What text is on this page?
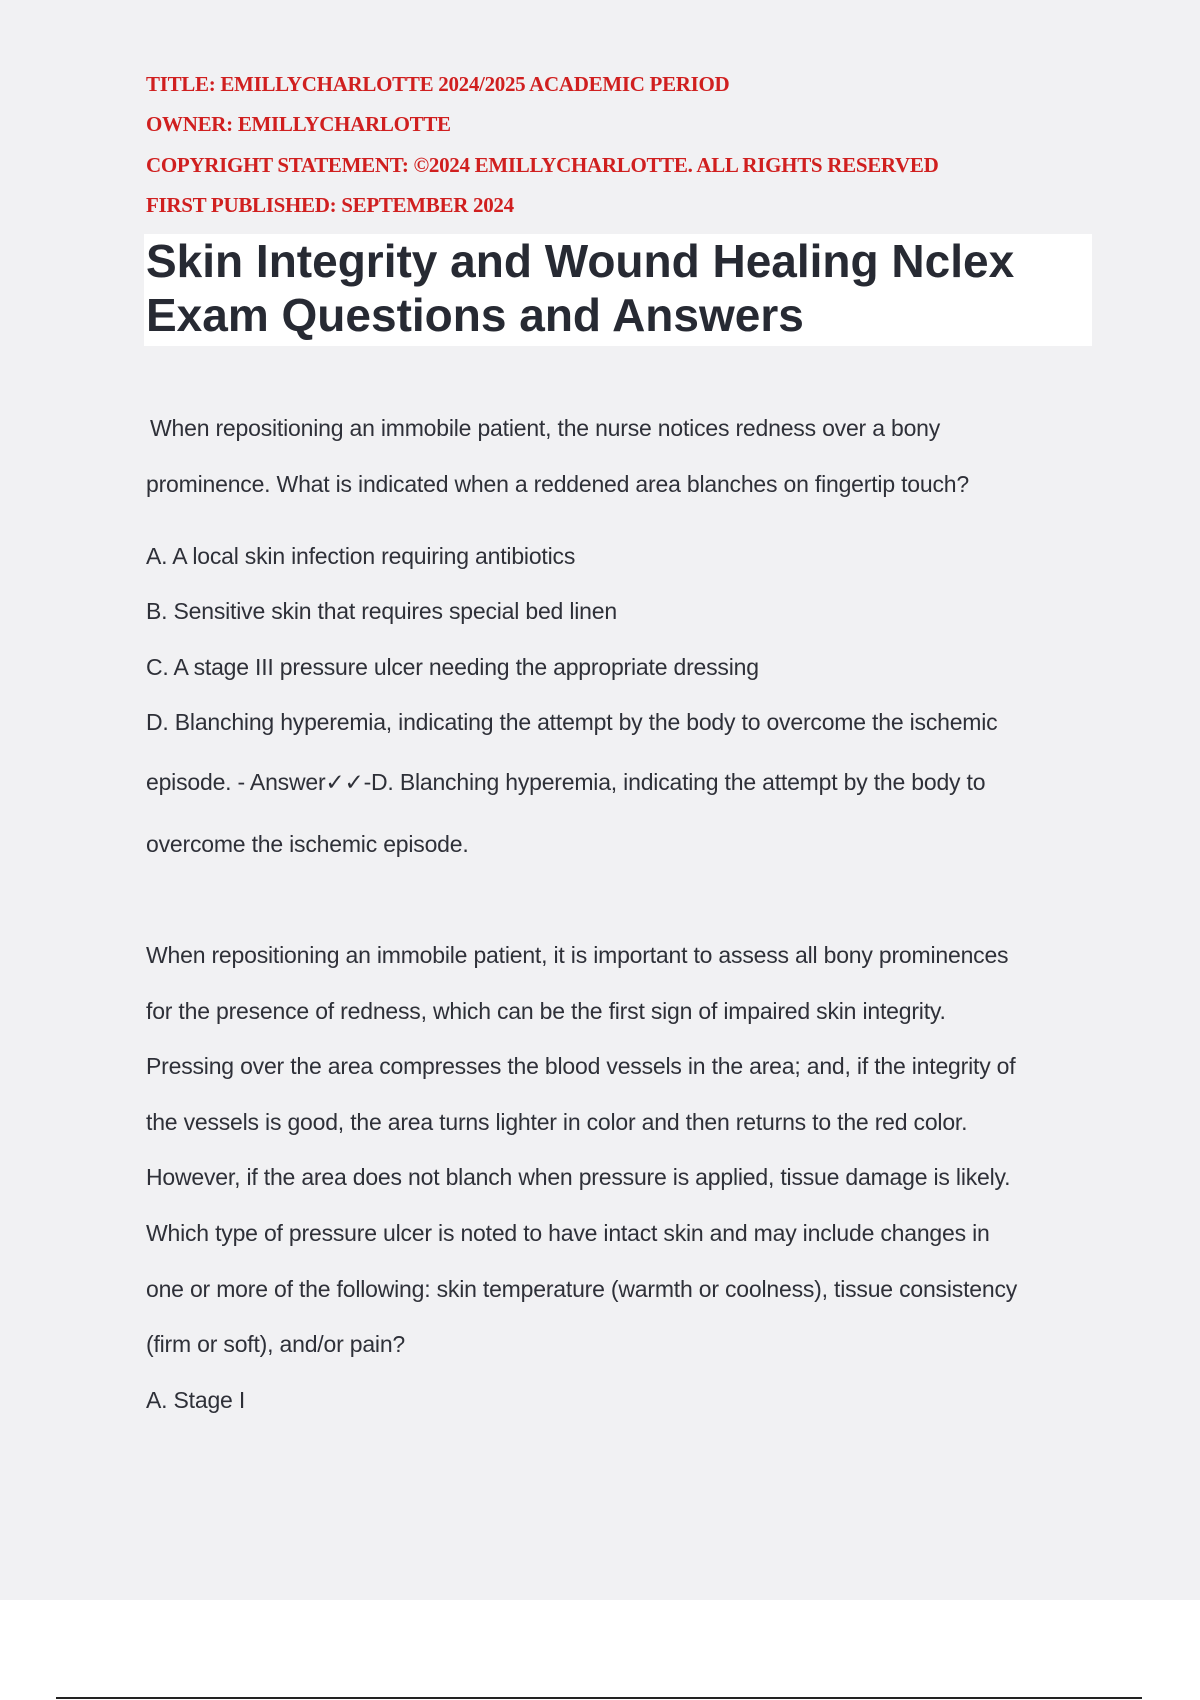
TITLE: EMILLYCHARLOTTE 2024/2025 ACADEMIC PERIOD
OWNER: EMILLYCHARLOTTE
COPYRIGHT STATEMENT: ©2024 EMILLYCHARLOTTE. ALL RIGHTS RESERVED
FIRST PUBLISHED: SEPTEMBER 2024
Skin Integrity and Wound Healing Nclex
Exam Questions and Answers
When repositioning an immobile patient, the nurse notices redness over a bony
prominence. What is indicated when a reddened area blanches on fingertip touch?
A. A local skin infection requiring antibiotics
B. Sensitive skin that requires special bed linen
C. A stage III pressure ulcer needing the appropriate dressing
D. Blanching hyperemia, indicating the attempt by the body to overcome the ischemic
episode. - Answer✓✓-D. Blanching hyperemia, indicating the attempt by the body to
overcome the ischemic episode.
When repositioning an immobile patient, it is important to assess all bony prominences
for the presence of redness, which can be the first sign of impaired skin integrity.
Pressing over the area compresses the blood vessels in the area; and, if the integrity of
the vessels is good, the area turns lighter in color and then returns to the red color.
However, if the area does not blanch when pressure is applied, tissue damage is likely.
Which type of pressure ulcer is noted to have intact skin and may include changes in
one or more of the following: skin temperature (warmth or coolness), tissue consistency
(firm or soft), and/or pain?
A. Stage I
